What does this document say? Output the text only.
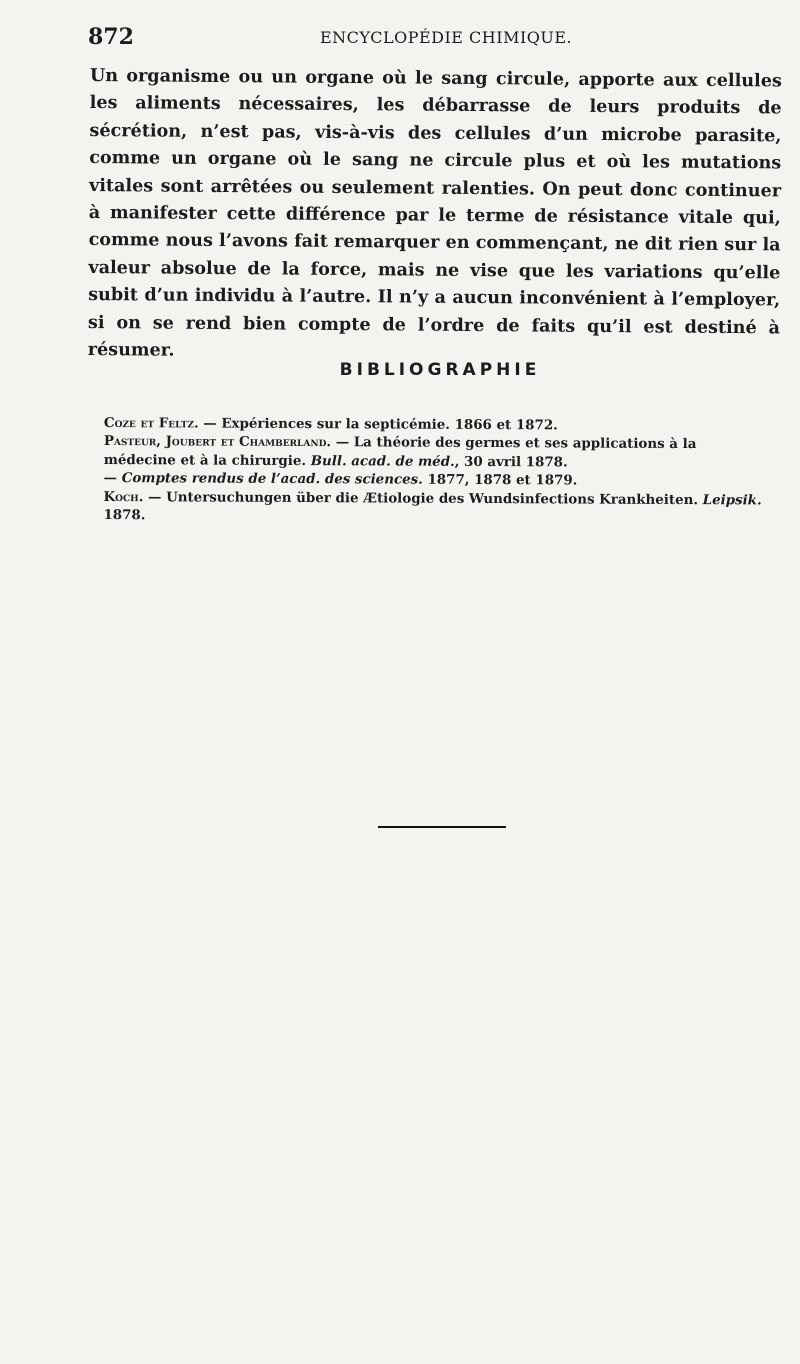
872	ENCYCLOPÉDIE CHIMIQUE.

Un organisme ou un organe où le sang circule, apporte aux cellules les aliments nécessaires, les débarrasse de leurs produits de sécrétion, n’est pas, vis-à-vis des cellules d’un microbe parasite, comme un organe où le sang ne circule plus et où les mutations vitales sont arrêtées ou seulement ralenties. On peut donc continuer à manifester cette différence par le terme de résistance vitale qui, comme nous l’avons fait remarquer en commençant, ne dit rien sur la valeur absolue de la force, mais ne vise que les variations qu’elle subit d’un individu à l’autre. Il n’y a aucun inconvénient à l’employer, si on se rend bien compte de l’ordre de faits qu’il est destiné à résumer.

BIBLIOGRAPHIE

Coze et Feltz. — Expériences sur la septicémie. 1866 et 1872.

Pasteur, Joubert et Chamberland. — La théorie des germes et ses applications à la médecine et à la chirurgie. Bull. acad. de méd., 30 avril 1878.

— Comptes rendus de l’acad. des sciences. 1877, 1878 et 1879.

Koch. — Untersuchungen über die Ætiologie des Wundsinfections Krankheiten. Leipsik. 1878.
